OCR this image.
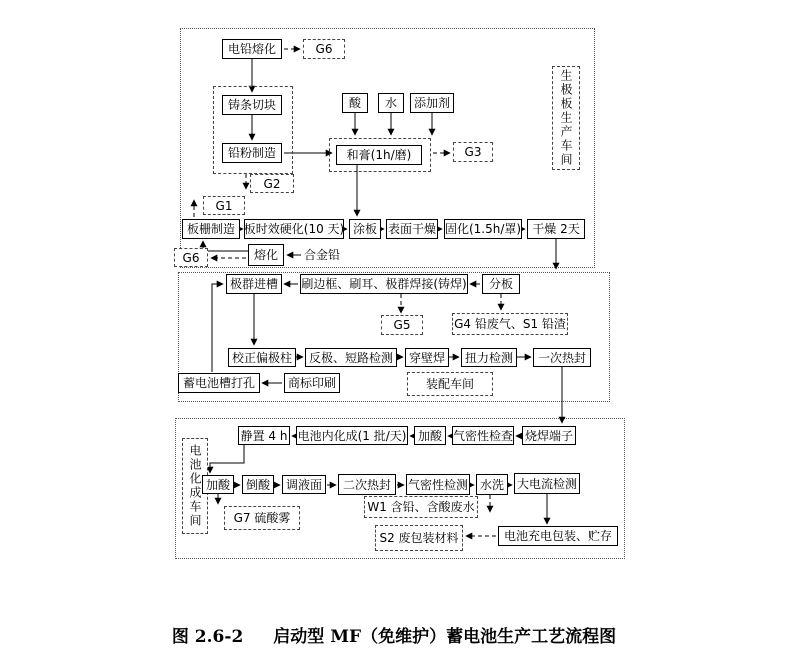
生极板生产车间
装配车间
电池化成车间
电铅熔化	G6
铸条切块
铅粉制造
酸	水	添加剂
和膏(1h/磨)	G3
G2
G1
板栅制造 板时效硬化(10 天) 涂板 表面干燥 固化(1.5h/罩) 干燥 2天
G6	熔化	合金铅
极群进槽	刷边框、刷耳、极群焊接(铸焊)	分板
G5	G4 铅废气、S1 铅渣
校正偏极柱	反极、短路检测	穿壁焊	扭力检测	一次热封
蓄电池槽打孔	商标印刷
静置 4 h 电池内化成(1 批/天) 加酸 气密性检查 烧焊端子
加酸	倒酸	调液面	二次热封	气密性检测 水洗	大电流检测
G7 硫酸雾
W1 含铅、含酸废水
S2 废包装材料	电池充电包装、贮存
图 2.6-2 启动型 MF（免维护）蓄电池生产工艺流程图
